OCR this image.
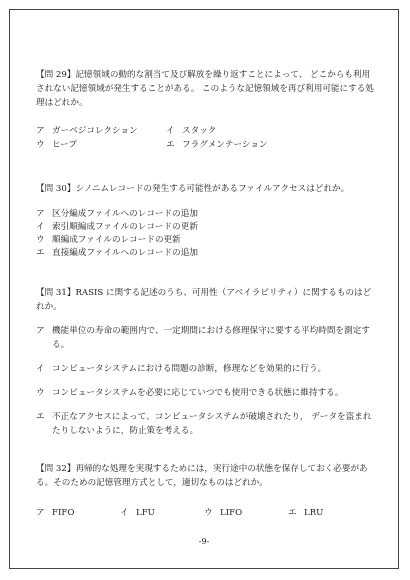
【問 29】記憶領域の動的な割当て及び解放を繰り返すことによって、 どこからも利用されない記憶領域が発生することがある。 このような記憶領域を再び利用可能にする処理はどれか。

ア ガーベジコレクション	イ スタック
ウ ヒープ	エ フラグメンテーション

【問 30】シノニムレコードの発生する可能性があるファイルアクセスはどれか。

ア 区分編成ファイルへのレコードの追加
イ 索引順編成ファイルのレコードの更新
ウ 順編成ファイルのレコードの更新
エ 直接編成ファイルへのレコードの追加

【問 31】RASIS に関する記述のうち、可用性（アベイラビリティ）に関するものはどれか。

ア 機能単位の寿命の範囲内で、一定期間における修理保守に要する平均時間を測定する。
イ コンピュータシステムにおける問題の診断，修理などを効果的に行う。
ウ コンピュータシステムを必要に応じていつでも使用できる状態に維持する。
エ 不正なアクセスによって、コンピュータシステムが破壊されたり， データを盗まれたりしないように，防止策を考える。

【問 32】再帰的な処理を実現するためには，実行途中の状態を保存しておく必要がある。そのための記憶管理方式として，適切なものはどれか。

ア FIFO	イ LFU	ウ LIFO	エ LRU
-9-
